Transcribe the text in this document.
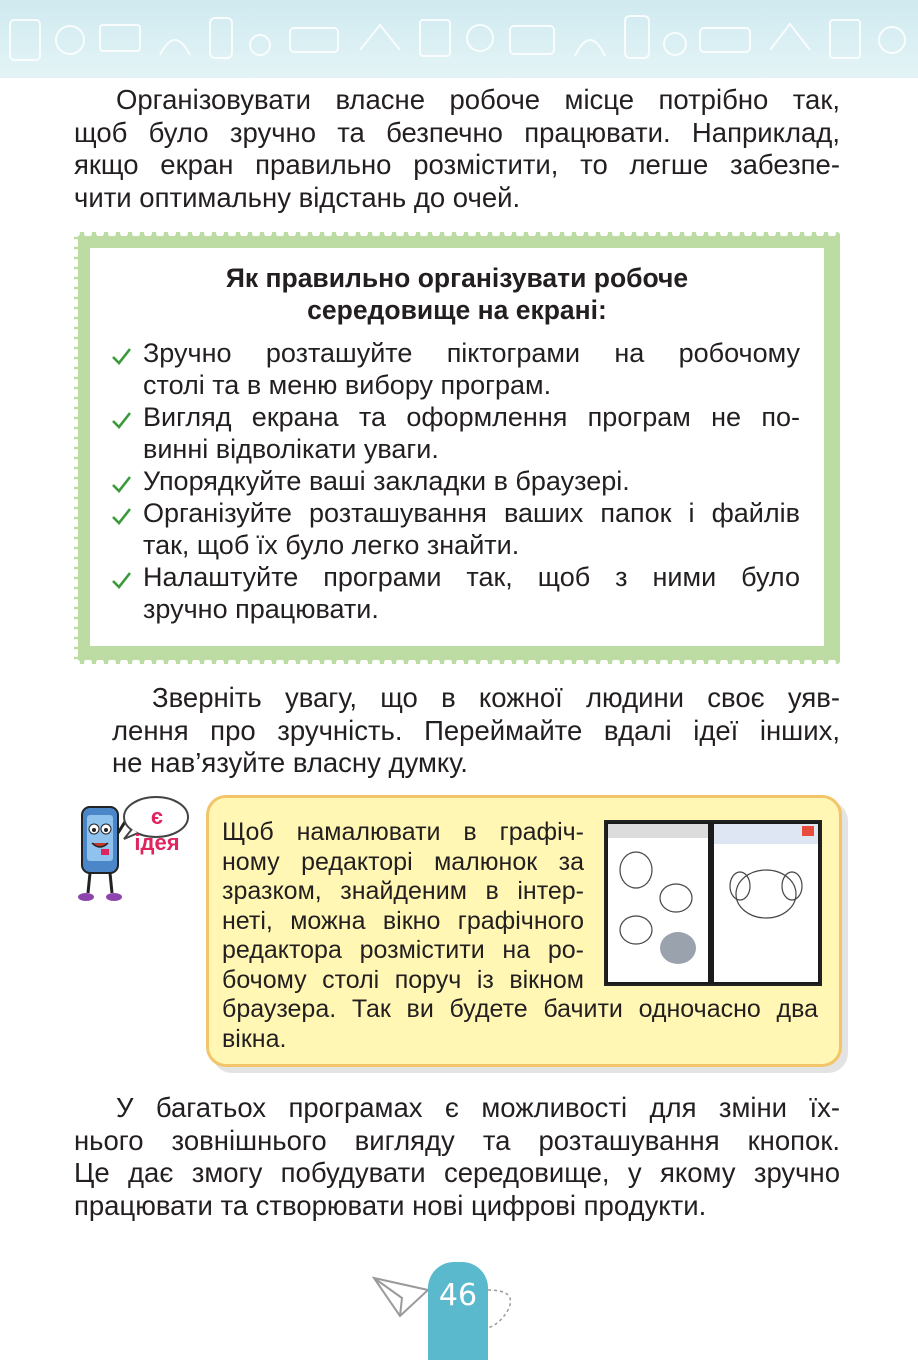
Організовувати власне робоче місце потрібно так,
щоб було зручно та безпечно працювати. Наприклад,
якщо екран правильно розмістити, то легше забезпе-
чити оптимальну відстань до очей.

Як правильно організувати робоче
середовище на екрані:

Зручно розташуйте піктограми на робочому
столі та в меню вибору програм.
Вигляд екрана та оформлення програм не по-
винні відволікати уваги.
Упорядкуйте ваші закладки в браузері.
Організуйте розташування ваших папок і файлів
так, щоб їх було легко знайти.
Налаштуйте програми так, щоб з ними було
зручно працювати.

Зверніть увагу, що в кожної людини своє уяв-
лення про зручність. Переймайте вдалі ідеї інших,
не нав’язуйте власну думку.

є ідея Щоб намалювати в графіч-
ному редакторі малюнок за
зразком, знайденим в інтер-
неті, можна вікно графічного
редактора розмістити на ро-
бочому столі поруч із вікном
браузера. Так ви будете бачити одночасно два
вікна.

У багатьох програмах є можливості для зміни їх-
нього зовнішнього вигляду та розташування кнопок.
Це дає змогу побудувати середовище, у якому зручно
працювати та створювати нові цифрові продукти.

46
